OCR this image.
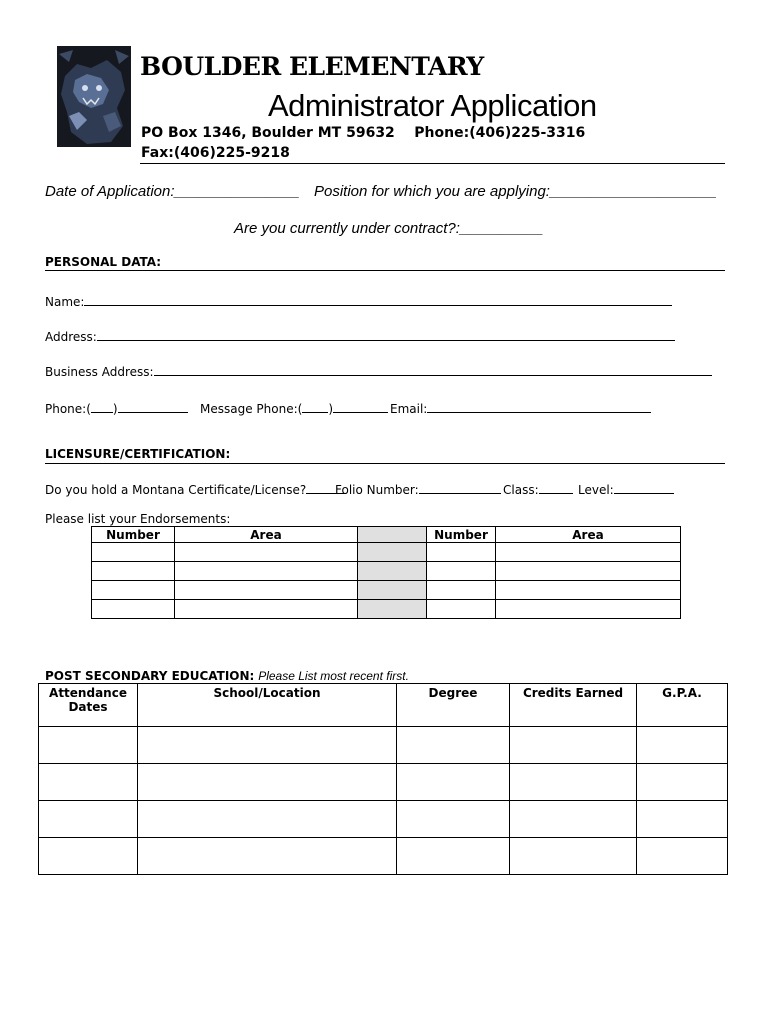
BOULDER ELEMENTARY
Administrator Application
PO Box 1346, Boulder MT 59632    Phone:(406)225-3316
Fax:(406)225-9218
Date of Application:_______________ Position for which you are applying:____________________
Are you currently under contract?:__________
PERSONAL DATA:
Name:
Address:
Business Address:
Phone:( )	Message Phone:( )	Email:
LICENSURE/CERTIFICATION:
Do you hold a Montana Certificate/License?	Folio Number:	Class:	Level:
Please list your Endorsements:
Number	Area		Number	Area

POST SECONDARY EDUCATION: Please List most recent first.
Attendance Dates	School/Location	Degree	Credits Earned	G.P.A.
